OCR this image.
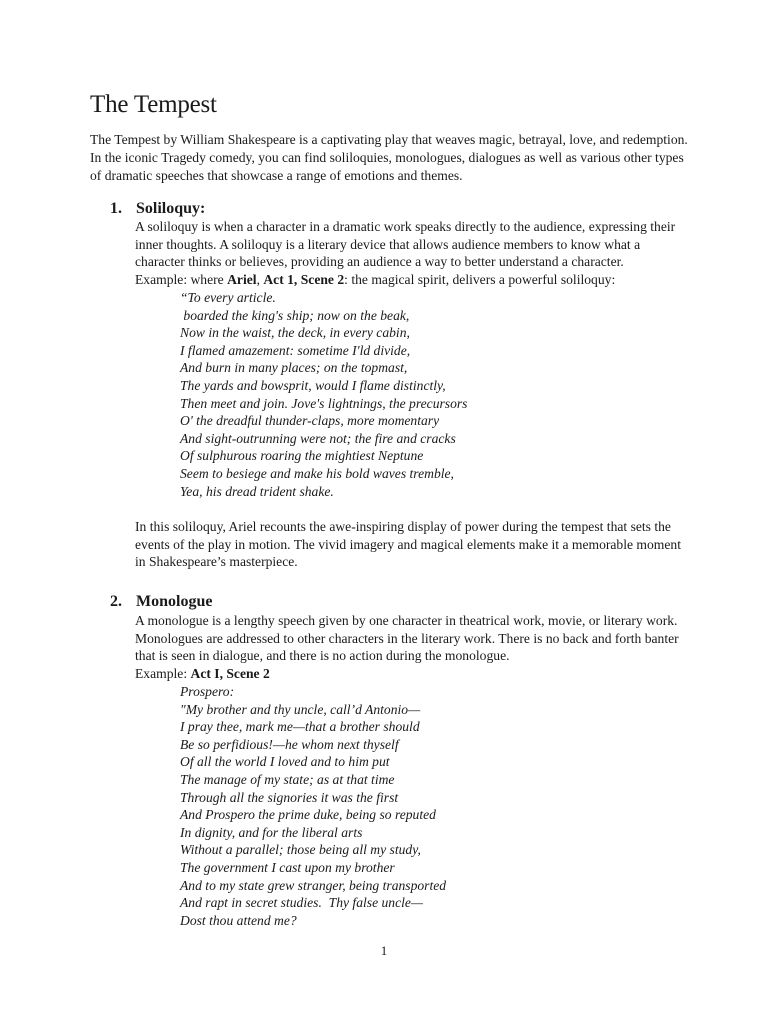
The Tempest

The Tempest by William Shakespeare is a captivating play that weaves magic, betrayal, love, and redemption. In the iconic Tragedy comedy, you can find soliloquies, monologues, dialogues as well as various other types of dramatic speeches that showcase a range of emotions and themes.

1. Soliloquy:

A soliloquy is when a character in a dramatic work speaks directly to the audience, expressing their inner thoughts. A soliloquy is a literary device that allows audience members to know what a character thinks or believes, providing an audience a way to better understand a character.

Example: where Ariel, Act 1, Scene 2: the magical spirit, delivers a powerful soliloquy:

“To every article.
boarded the king's ship; now on the beak,
Now in the waist, the deck, in every cabin,
I flamed amazement: sometime I'ld divide,
And burn in many places; on the topmast,
The yards and bowsprit, would I flame distinctly,
Then meet and join. Jove's lightnings, the precursors
O' the dreadful thunder-claps, more momentary
And sight-outrunning were not; the fire and cracks
Of sulphurous roaring the mightiest Neptune
Seem to besiege and make his bold waves tremble,
Yea, his dread trident shake.

In this soliloquy, Ariel recounts the awe-inspiring display of power during the tempest that sets the events of the play in motion. The vivid imagery and magical elements make it a memorable moment in Shakespeare’s masterpiece.

2. Monologue

A monologue is a lengthy speech given by one character in theatrical work, movie, or literary work. Monologues are addressed to other characters in the literary work. There is no back and forth banter that is seen in dialogue, and there is no action during the monologue.

Example: Act I, Scene 2

Prospero:
"My brother and thy uncle, call’d Antonio—
I pray thee, mark me—that a brother should
Be so perfidious!—he whom next thyself
Of all the world I loved and to him put
The manage of my state; as at that time
Through all the signories it was the first
And Prospero the prime duke, being so reputed
In dignity, and for the liberal arts
Without a parallel; those being all my study,
The government I cast upon my brother
And to my state grew stranger, being transported
And rapt in secret studies.  Thy false uncle—
Dost thou attend me?
1
